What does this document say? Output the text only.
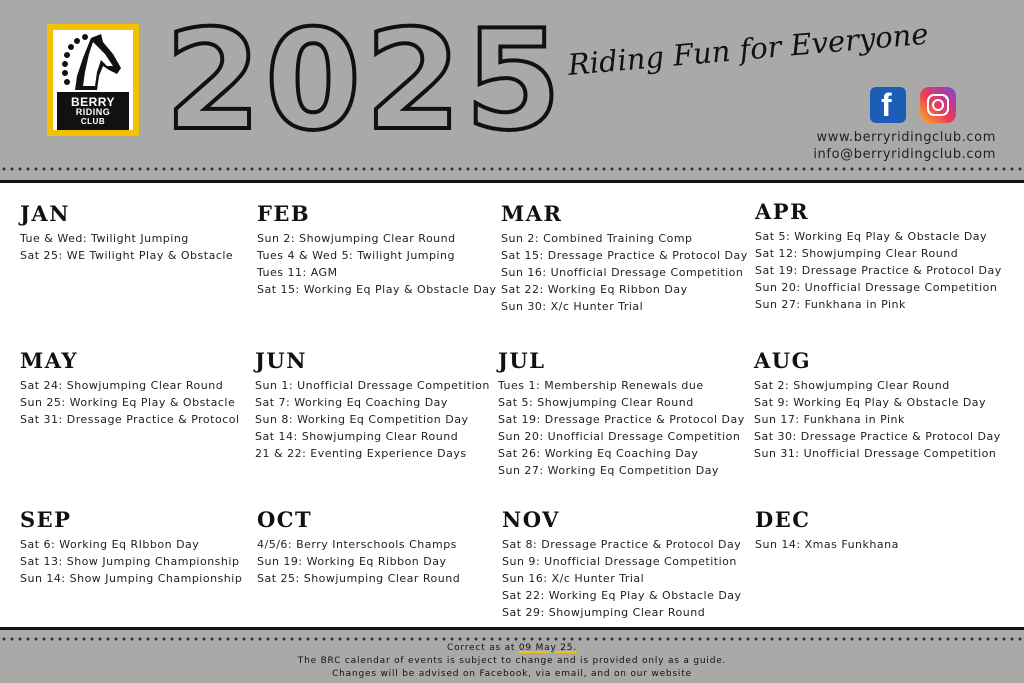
BERRY
RIDING
CLUB 2025 Riding Fun for Everyone
f
www.berryridingclub.com
info@berryridingclub.com
JAN
Tue & Wed: Twilight Jumping
Sat 25: WE Twilight Play & Obstacle
FEB
Sun 2: Showjumping Clear Round
Tues 4 & Wed 5: Twilight Jumping
Tues 11: AGM
Sat 15: Working Eq Play & Obstacle Day
MAR
Sun 2: Combined Training Comp
Sat 15: Dressage Practice & Protocol Day
Sun 16: Unofficial Dressage Competition
Sat 22: Working Eq Ribbon Day
Sun 30: X/c Hunter Trial
APR
Sat 5: Working Eq Play & Obstacle Day
Sat 12: Showjumping Clear Round
Sat 19: Dressage Practice & Protocol Day
Sun 20: Unofficial Dressage Competition
Sun 27: Funkhana in Pink
MAY
Sat 24: Showjumping Clear Round
Sun 25: Working Eq Play & Obstacle
Sat 31: Dressage Practice & Protocol
JUN
Sun 1: Unofficial Dressage Competition
Sat 7: Working Eq Coaching Day
Sun 8: Working Eq Competition Day
Sat 14: Showjumping Clear Round
21 & 22: Eventing Experience Days
JUL
Tues 1: Membership Renewals due
Sat 5: Showjumping Clear Round
Sat 19: Dressage Practice & Protocol Day
Sun 20: Unofficial Dressage Competition
Sat 26: Working Eq Coaching Day
Sun 27: Working Eq Competition Day
AUG
Sat 2: Showjumping Clear Round
Sat 9: Working Eq Play & Obstacle Day
Sun 17: Funkhana in Pink
Sat 30: Dressage Practice & Protocol Day
Sun 31: Unofficial Dressage Competition
SEP
Sat 6: Working Eq RIbbon Day
Sat 13: Show Jumping Championship
Sun 14: Show Jumping Championship
OCT
4/5/6: Berry Interschools Champs
Sun 19: Working Eq Ribbon Day
Sat 25: Showjumping Clear Round
NOV
Sat 8: Dressage Practice & Protocol Day
Sun 9: Unofficial Dressage Competition
Sun 16: X/c Hunter Trial
Sat 22: Working Eq Play & Obstacle Day
Sat 29: Showjumping Clear Round
DEC
Sun 14: Xmas Funkhana
Correct as at 09 May 25.
The BRC calendar of events is subject to change and is provided only as a guide.
Changes will be advised on Facebook, via email, and on our website
